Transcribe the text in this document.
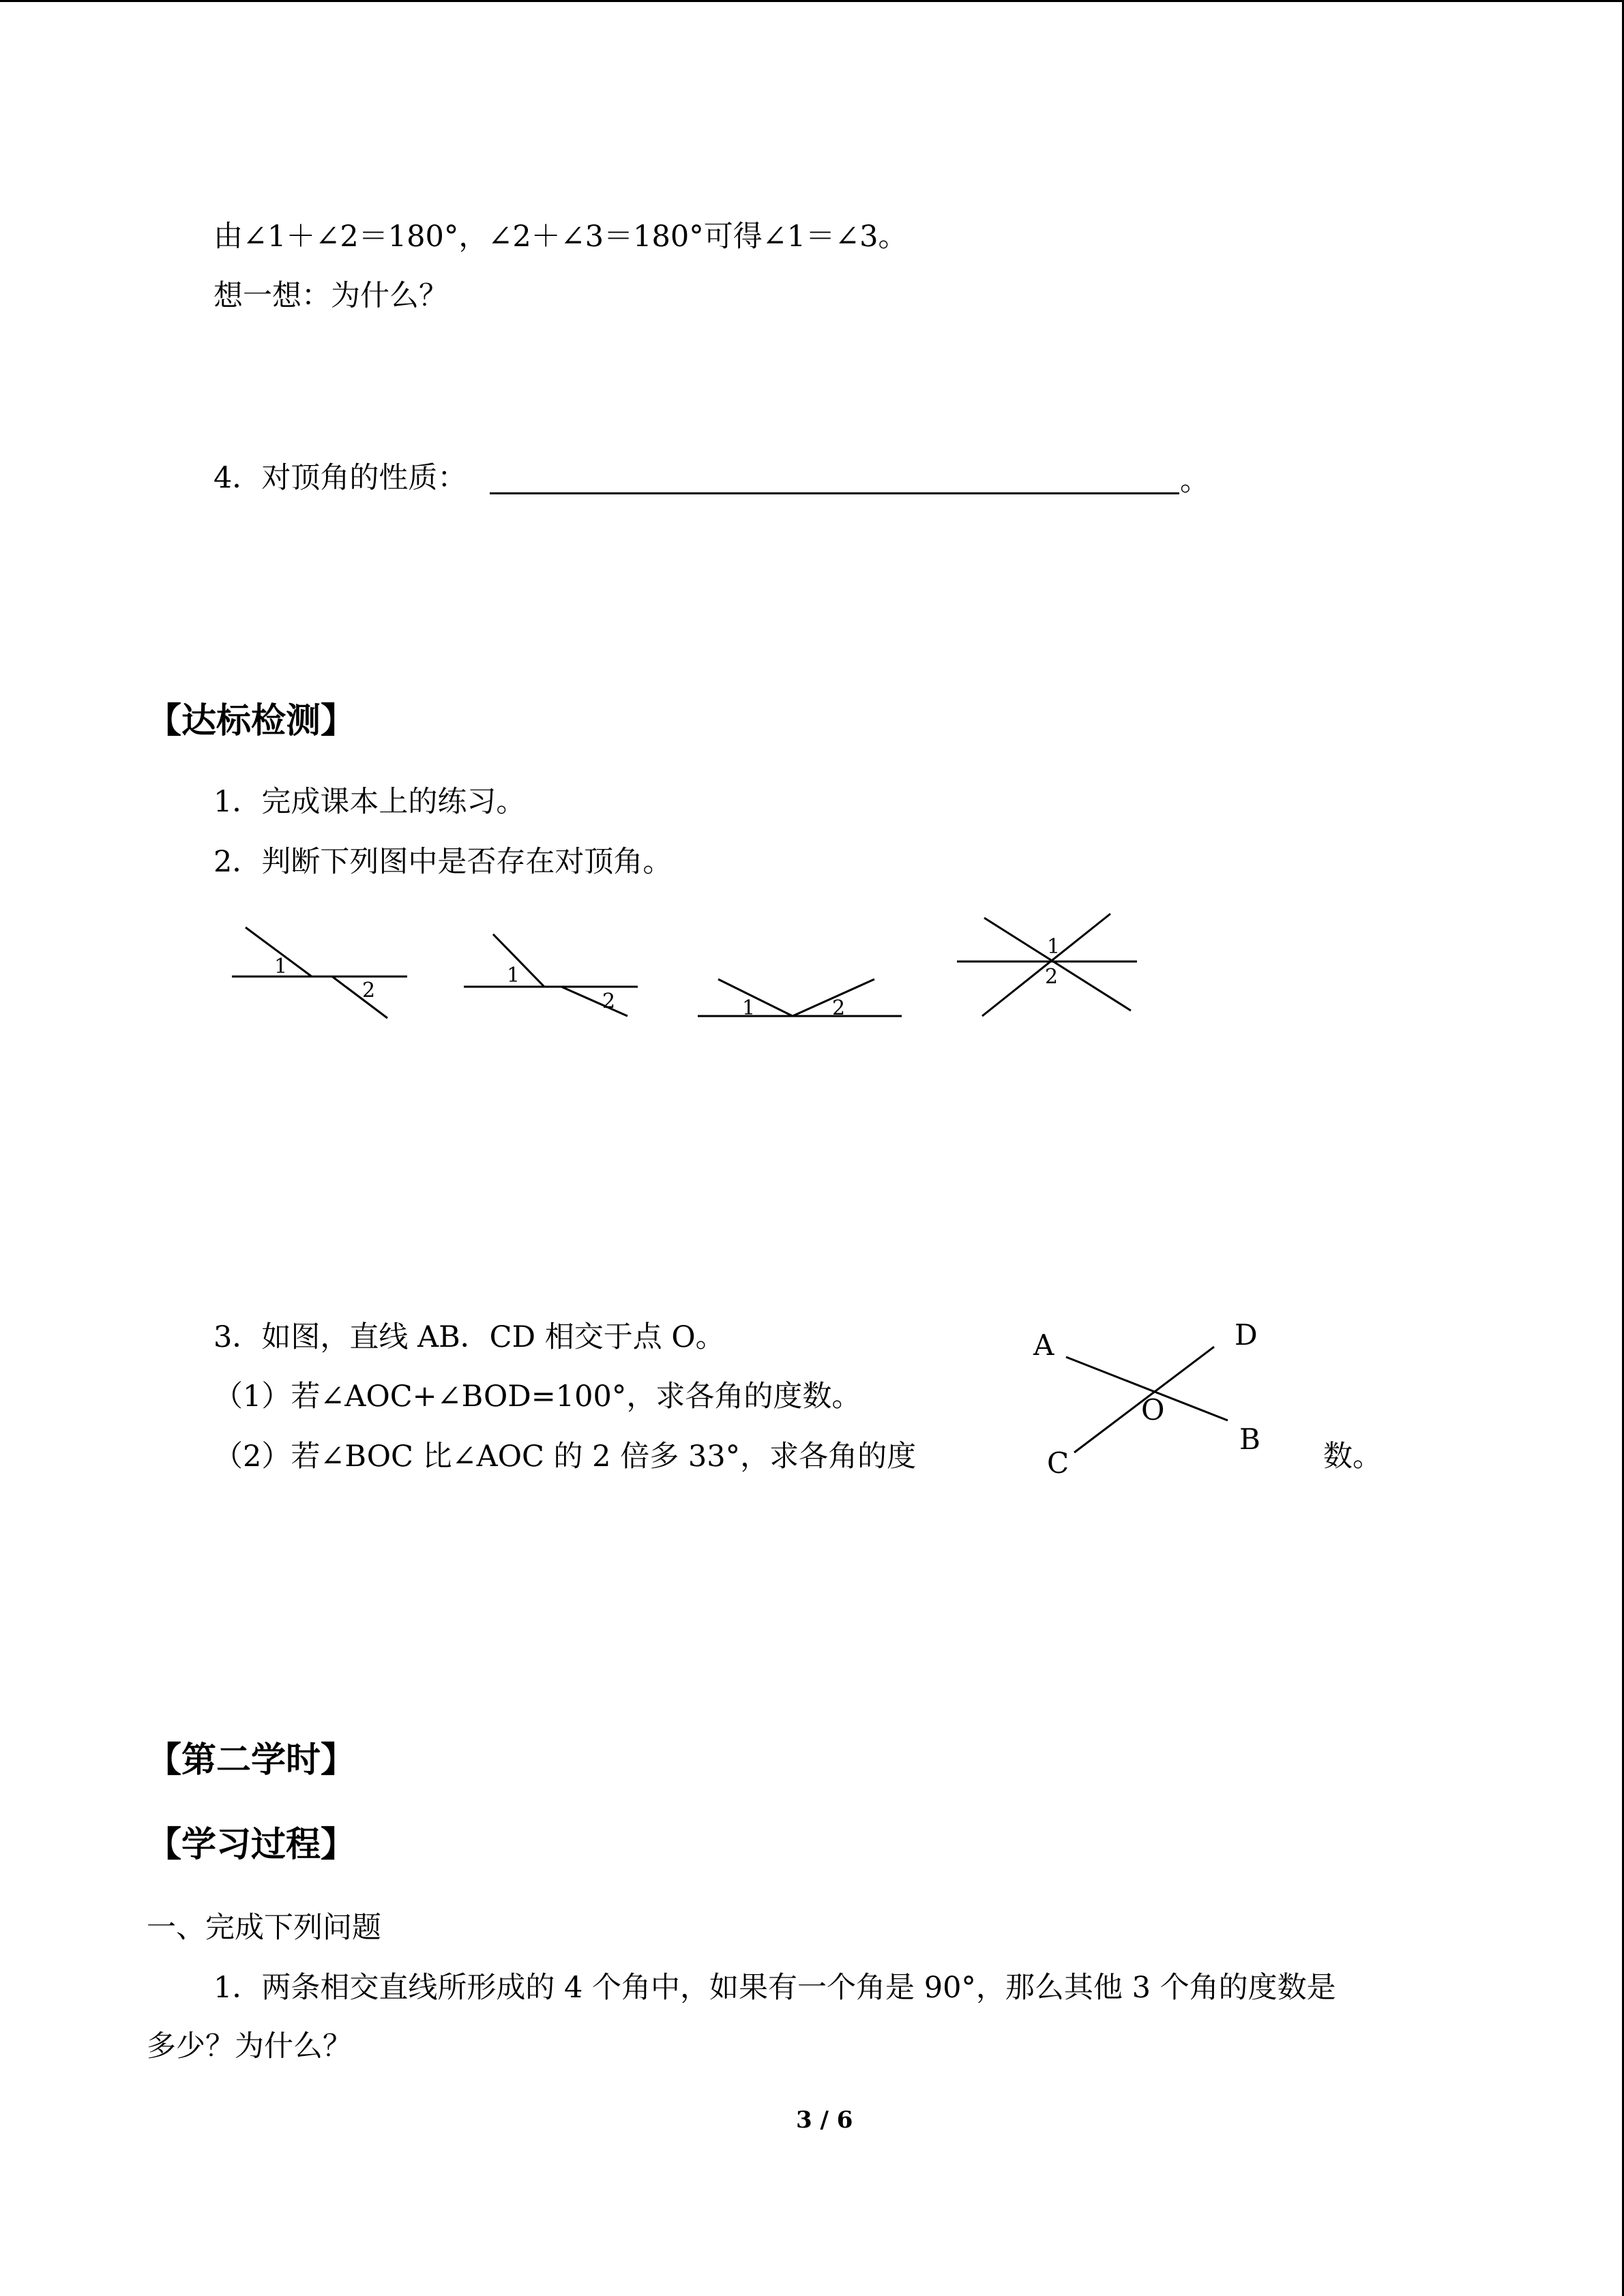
由∠1＋∠2＝180°，∠2＋∠3＝180°可得∠1＝∠3。
想一想：为什么？
4．对顶角的性质：	。
【达标检测】
1．完成课本上的练习。
2．判断下列图中是否存在对顶角。
1
2
1
2	1	2
1
2
3．如图，直线 AB．CD 相交于点 O。
（1）若∠AOC+∠BOD=100°，求各角的度数。
（2）若∠BOC 比∠AOC 的 2 倍多 33°，求各角的度	数。
A	D
O
B
C
【第二学时】
【学习过程】
一、完成下列问题
1．两条相交直线所形成的 4 个角中，如果有一个角是 90°，那么其他 3 个角的度数是
多少？为什么？
3 / 6
